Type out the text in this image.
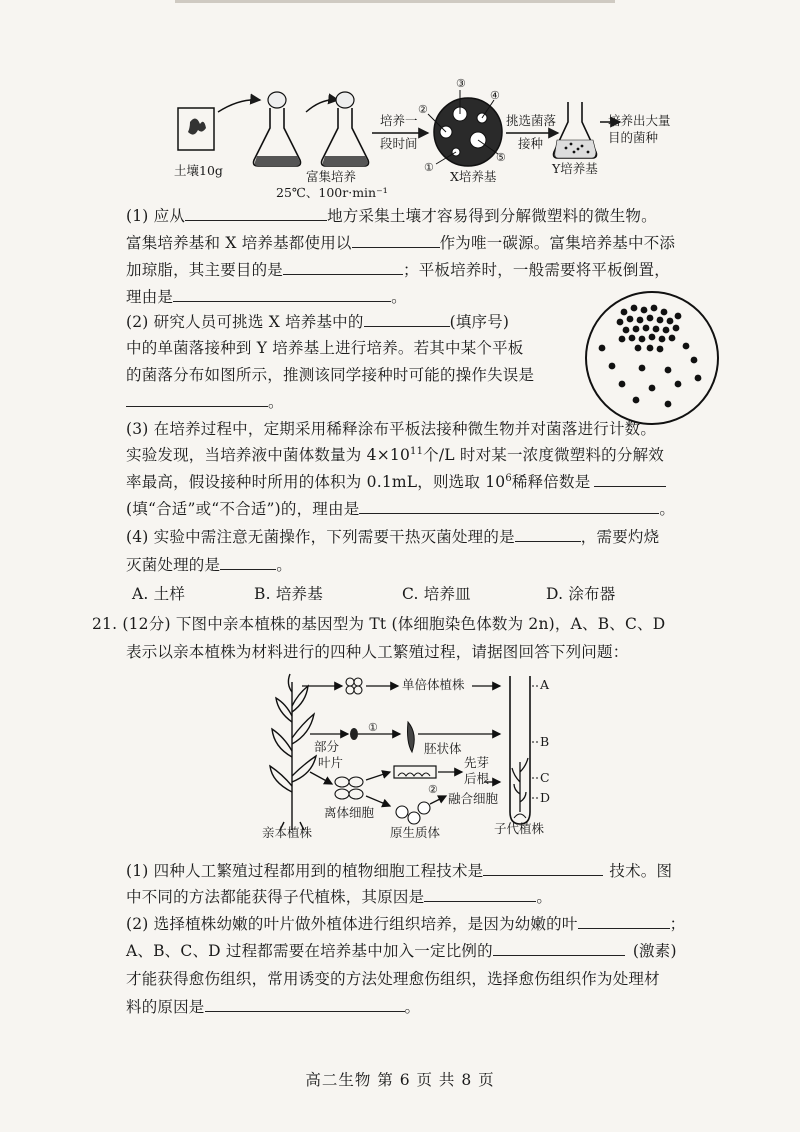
土壤10g	富集培养
25℃、100r·min⁻¹
培养一
段时间
③
④
②
⑤
①
X培养基
挑选菌落
接种
Y培养基
培养出大量
目的菌种
(1) 应从	地方采集土壤才容易得到分解微塑料的微生物。
富集培养基和 X 培养基都使用以	作为唯一碳源。富集培养基中不添
加琼脂，其主要目的是	；平板培养时，一般需要将平板倒置，
理由是	。
(2) 研究人员可挑选 X 培养基中的	(填序号)
中的单菌落接种到 Y 培养基上进行培养。若其中某个平板
的菌落分布如图所示，推测该同学接种时可能的操作失误是
。
(3) 在培养过程中，定期采用稀释涂布平板法接种微生物并对菌落进行计数。
实验发现，当培养液中菌体数量为 $4\times 10^{11}$个/L 时对某一浓度微塑料的分解效
率最高，假设接种时所用的体积为 0.1mL，则选取 $10^6$稀释倍数是
(填“合适”或“不合适”)的，理由是	。
(4) 实验中需注意无菌操作，下列需要干热灭菌处理的是	，需要灼烧
灭菌处理的是	。
A. 土样	B. 培养基	C. 培养皿	D. 涂布器
21. (12分) 下图中亲本植株的基因型为 Tt (体细胞染色体数为 2n)，A、B、C、D
表示以亲本植株为材料进行的四种人工繁殖过程，请据图回答下列问题：
单倍体植株	A
①
胚状体	B
部分
叶片	先芽
后根	C
②
融合细胞	D
离体细胞
亲本植株	原生质体	子代植株
(1) 四种人工繁殖过程都用到的植物细胞工程技术是	技术。图
中不同的方法都能获得子代植株，其原因是	。
(2) 选择植株幼嫩的叶片做外植体进行组织培养，是因为幼嫩的叶	；
A、B、C、D 过程都需要在培养基中加入一定比例的	(激素)
才能获得愈伤组织，常用诱变的方法处理愈伤组织，选择愈伤组织作为处理材
料的原因是	。
高二生物 第 6 页 共 8 页
